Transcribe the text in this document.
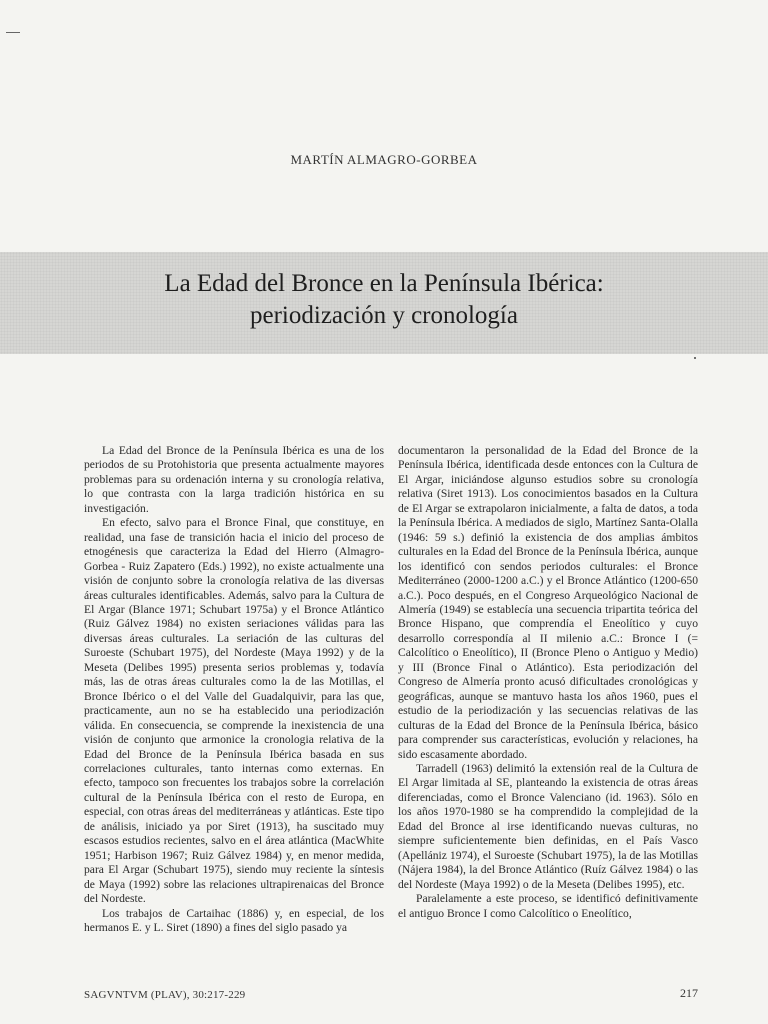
MARTÍN ALMAGRO-GORBEA
La Edad del Bronce en la Península Ibérica:
periodización y cronología

La Edad del Bronce de la Península Ibérica es una de los periodos de su Protohistoria que presenta actualmente mayores problemas para su ordenación interna y su cronología relativa, lo que contrasta con la larga tradición histórica en su investigación.

En efecto, salvo para el Bronce Final, que constituye, en realidad, una fase de transición hacia el inicio del proceso de etnogénesis que caracteriza la Edad del Hierro (Almagro-Gorbea - Ruiz Zapatero (Eds.) 1992), no existe actualmente una visión de conjunto sobre la cronología relativa de las diversas áreas culturales identificables. Además, salvo para la Cultura de El Argar (Blance 1971; Schubart 1975a) y el Bronce Atlántico (Ruiz Gálvez 1984) no existen seriaciones válidas para las diversas áreas culturales. La seriación de las culturas del Suroeste (Schubart 1975), del Nordeste (Maya 1992) y de la Meseta (Delibes 1995) presenta serios problemas y, todavía más, las de otras áreas culturales como la de las Motillas, el Bronce Ibérico o el del Valle del Guadalquivir, para las que, practicamente, aun no se ha establecido una periodización válida. En consecuencia, se comprende la inexistencia de una visión de conjunto que armonice la cronologia relativa de la Edad del Bronce de la Península Ibérica basada en sus correlaciones culturales, tanto internas como externas. En efecto, tampoco son frecuentes los trabajos sobre la correlación cultural de la Península Ibérica con el resto de Europa, en especial, con otras áreas del mediterráneas y atlánticas. Este tipo de análisis, iniciado ya por Siret (1913), ha suscitado muy escasos estudios recientes, salvo en el área atlántica (MacWhite 1951; Harbison 1967; Ruiz Gálvez 1984) y, en menor medida, para El Argar (Schubart 1975), siendo muy reciente la síntesis de Maya (1992) sobre las relaciones ultrapirenaicas del Bronce del Nordeste.

Los trabajos de Cartaihac (1886) y, en especial, de los hermanos E. y L. Siret (1890) a fines del siglo pasado ya

documentaron la personalidad de la Edad del Bronce de la Península Ibérica, identificada desde entonces con la Cultura de El Argar, iniciándose algunso estudios sobre su cronología relativa (Siret 1913). Los conocimientos basados en la Cultura de El Argar se extrapolaron inicialmente, a falta de datos, a toda la Península Ibérica. A mediados de siglo, Martínez Santa-Olalla (1946: 59 s.) definió la existencia de dos amplias ámbitos culturales en la Edad del Bronce de la Península Ibérica, aunque los identificó con sendos periodos culturales: el Bronce Mediterráneo (2000-1200 a.C.) y el Bronce Atlántico (1200-650 a.C.). Poco después, en el Congreso Arqueológico Nacional de Almería (1949) se establecía una secuencia tripartita teórica del Bronce Hispano, que comprendía el Eneolítico y cuyo desarrollo correspondía al II milenio a.C.: Bronce I (= Calcolítico o Eneolítico), II (Bronce Pleno o Antiguo y Medio) y III (Bronce Final o Atlántico). Esta periodización del Congreso de Almería pronto acusó dificultades cronológicas y geográficas, aunque se mantuvo hasta los años 1960, pues el estudio de la periodización y las secuencias relativas de las culturas de la Edad del Bronce de la Península Ibérica, básico para comprender sus características, evolución y relaciones, ha sido escasamente abordado.

Tarradell (1963) delimitó la extensión real de la Cultura de El Argar limitada al SE, planteando la existencia de otras áreas diferenciadas, como el Bronce Valenciano (id. 1963). Sólo en los años 1970-1980 se ha comprendido la complejidad de la Edad del Bronce al irse identificando nuevas culturas, no siempre suficientemente bien definidas, en el País Vasco (Apellániz 1974), el Suroeste (Schubart 1975), la de las Motillas (Nájera 1984), la del Bronce Atlántico (Ruíz Gálvez 1984) o las del Nordeste (Maya 1992) o de la Meseta (Delibes 1995), etc.

Paralelamente a este proceso, se identificó definitivamente el antiguo Bronce I como Calcolítico o Eneolítico,

SAGVNTVM (PLAV), 30:217-229	217
